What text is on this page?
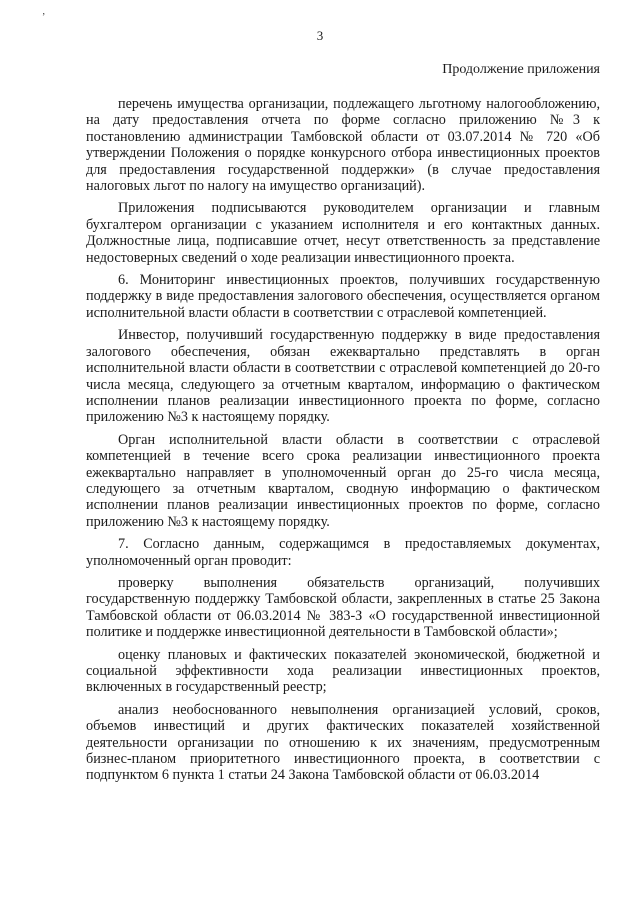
ʼ
3
Продолжение приложения

перечень имущества организации, подлежащего льготному налогообложению, на дату предоставления отчета по форме согласно приложению №3 к постановлению администрации Тамбовской области от 03.07.2014 № 720 «Об утверждении Положения о порядке конкурсного отбора инвестиционных проектов для предоставления государственной поддержки» (в случае предоставления налоговых льгот по налогу на имущество организаций).

Приложения подписываются руководителем организации и главным бухгалтером организации с указанием исполнителя и его контактных данных. Должностные лица, подписавшие отчет, несут ответственность за представление недостоверных сведений о ходе реализации инвестиционного проекта.

6. Мониторинг инвестиционных проектов, получивших государственную поддержку в виде предоставления залогового обеспечения, осуществляется органом исполнительной власти области в соответствии с отраслевой компетенцией.

Инвестор, получивший государственную поддержку в виде предоставления залогового обеспечения, обязан ежеквартально представлять в орган исполнительной власти области в соответствии с отраслевой компетенцией до 20-го числа месяца, следующего за отчетным кварталом, информацию о фактическом исполнении планов реализации инвестиционного проекта по форме, согласно приложению №3 к настоящему порядку.

Орган исполнительной власти области в соответствии с отраслевой компетенцией в течение всего срока реализации инвестиционного проекта ежеквартально направляет в уполномоченный орган до 25-го числа месяца, следующего за отчетным кварталом, сводную информацию о фактическом исполнении планов реализации инвестиционных проектов по форме, согласно приложению №3 к настоящему порядку.

7. Согласно данным, содержащимся в предоставляемых документах, уполномоченный орган проводит:

проверку выполнения обязательств организаций, получивших государственную поддержку Тамбовской области, закрепленных в статье 25 Закона Тамбовской области от 06.03.2014 № 383-З «О государственной инвестиционной политике и поддержке инвестиционной деятельности в Тамбовской области»;

оценку плановых и фактических показателей экономической, бюджетной и социальной эффективности хода реализации инвестиционных проектов, включенных в государственный реестр;

анализ необоснованного невыполнения организацией условий, сроков, объемов инвестиций и других фактических показателей хозяйственной деятельности организации по отношению к их значениям, предусмотренным бизнес-планом приоритетного инвестиционного проекта, в соответствии с подпунктом 6 пункта 1 статьи 24 Закона Тамбовской области от 06.03.2014
